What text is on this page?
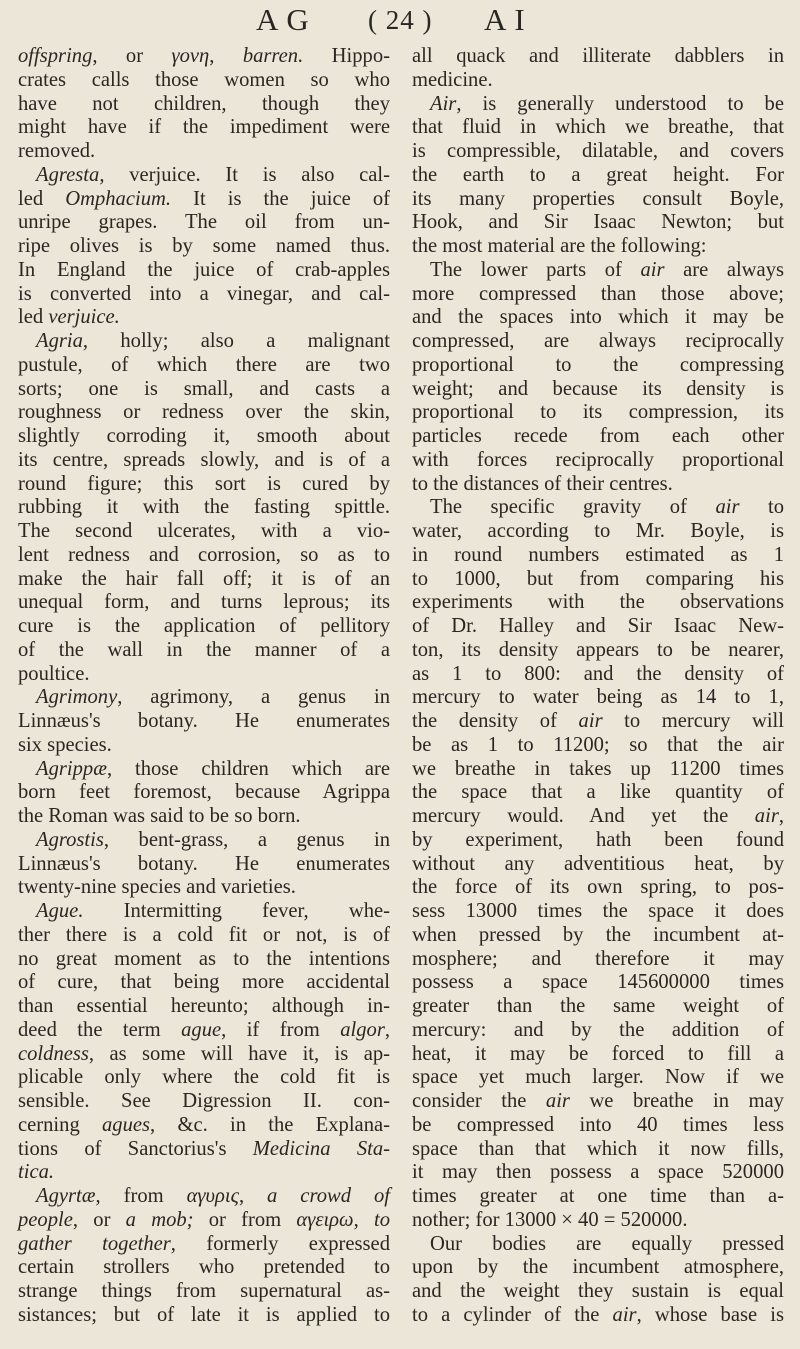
A G ( 24 ) A I
offspring, or γονη, barren. Hippo-
crates calls those women so who
have not children, though they
might have if the impediment were
removed.
Agresta, verjuice. It is also cal-
led Omphacium. It is the juice of
unripe grapes. The oil from un-
ripe olives is by some named thus.
In England the juice of crab-apples
is converted into a vinegar, and cal-
led verjuice.
Agria, holly; also a malignant
pustule, of which there are two
sorts; one is small, and casts a
roughness or redness over the skin,
slightly corroding it, smooth about
its centre, spreads slowly, and is of a
round figure; this sort is cured by
rubbing it with the fasting spittle.
The second ulcerates, with a vio-
lent redness and corrosion, so as to
make the hair fall off; it is of an
unequal form, and turns leprous; its
cure is the application of pellitory
of the wall in the manner of a
poultice.
Agrimony, agrimony, a genus in
Linnæus's botany. He enumerates
six species.
Agrippæ, those children which are
born feet foremost, because Agrippa
the Roman was said to be so born.
Agrostis, bent-grass, a genus in
Linnæus's botany. He enumerates
twenty-nine species and varieties.
Ague. Intermitting fever, whe-
ther there is a cold fit or not, is of
no great moment as to the intentions
of cure, that being more accidental
than essential hereunto; although in-
deed the term ague, if from algor,
coldness, as some will have it, is ap-
plicable only where the cold fit is
sensible. See Digression II. con-
cerning agues, &c. in the Explana-
tions of Sanctorius's Medicina Sta-
tica.
Agyrtæ, from αγυρις, a crowd of
people, or a mob; or from αγειρω, to
gather together, formerly expressed
certain strollers who pretended to
strange things from supernatural as-
sistances; but of late it is applied to
all quack and illiterate dabblers in
medicine.
Air, is generally understood to be
that fluid in which we breathe, that
is compressible, dilatable, and covers
the earth to a great height. For
its many properties consult Boyle,
Hook, and Sir Isaac Newton; but
the most material are the following:
The lower parts of air are always
more compressed than those above;
and the spaces into which it may be
compressed, are always reciprocally
proportional to the compressing
weight; and because its density is
proportional to its compression, its
particles recede from each other
with forces reciprocally proportional
to the distances of their centres.
The specific gravity of air to
water, according to Mr. Boyle, is
in round numbers estimated as 1
to 1000, but from comparing his
experiments with the observations
of Dr. Halley and Sir Isaac New-
ton, its density appears to be nearer,
as 1 to 800: and the density of
mercury to water being as 14 to 1,
the density of air to mercury will
be as 1 to 11200; so that the air
we breathe in takes up 11200 times
the space that a like quantity of
mercury would. And yet the air,
by experiment, hath been found
without any adventitious heat, by
the force of its own spring, to pos-
sess 13000 times the space it does
when pressed by the incumbent at-
mosphere; and therefore it may
possess a space 145600000 times
greater than the same weight of
mercury: and by the addition of
heat, it may be forced to fill a
space yet much larger. Now if we
consider the air we breathe in may
be compressed into 40 times less
space than that which it now fills,
it may then possess a space 520000
times greater at one time than a-
nother; for 13000 × 40 = 520000.
Our bodies are equally pressed
upon by the incumbent atmosphere,
and the weight they sustain is equal
to a cylinder of the air, whose base is
